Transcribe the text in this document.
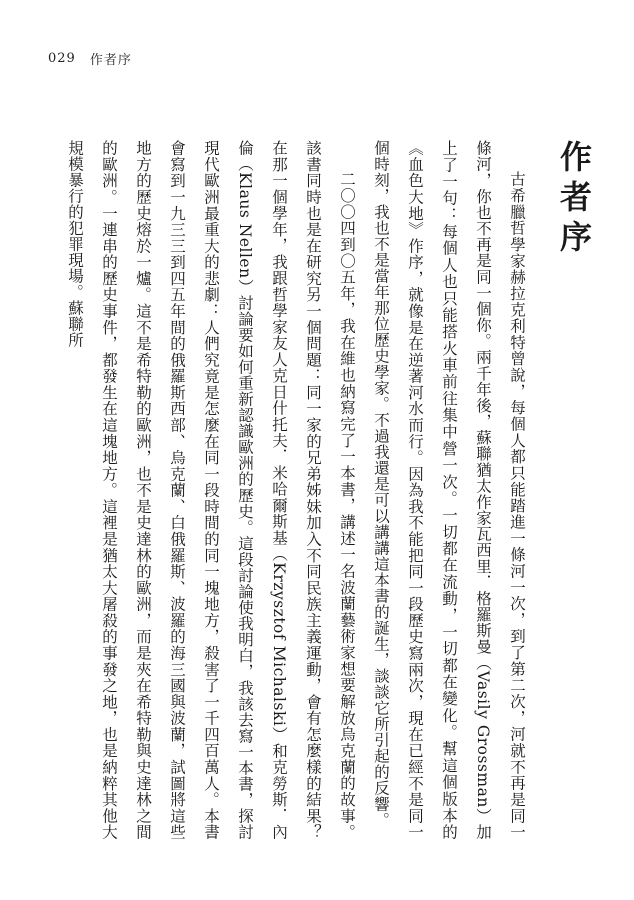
029 作者序
作者序

古希臘哲學家赫拉克利特曾說，每個人都只能踏進一條河一次，到了第二次，河就不再是同一條河，你也不再是同一個你。兩千年後，蘇聯猶太作家瓦西里．格羅斯曼（Vasily Grossman）加上了一句：每個人也只能搭火車前往集中營一次。一切都在流動，一切都在變化。幫這個版本的《血色大地》作序，就像是在逆著河水而行。因為我不能把同一段歷史寫兩次，現在已經不是同一個時刻，我也不是當年那位歷史學家。不過我還是可以講講這本書的誕生，談談它所引起的反響。

二〇〇四到〇五年，我在維也納寫完了一本書，講述一名波蘭藝術家想要解放烏克蘭的故事。該書同時也是在研究另一個問題：同一家的兄弟姊妹加入不同民族主義運動，會有怎麼樣的結果？在那一個學年，我跟哲學家友人克日什托夫．米哈爾斯基（Krzysztof Michalski）和克勞斯．內倫（Klaus Nellen）討論要如何重新認識歐洲的歷史。這段討論使我明白，我該去寫一本書，探討現代歐洲最重大的悲劇：人們究竟是怎麼在同一段時間的同一塊地方，殺害了一千四百萬人。本書會寫到一九三三到四五年間的俄羅斯西部、烏克蘭、白俄羅斯、波羅的海三國與波蘭，試圖將這些地方的歷史熔於一爐。這不是希特勒的歐洲，也不是史達林的歐洲，而是夾在希特勒與史達林之間的歐洲。一連串的歷史事件，都發生在這塊地方。這裡是猶太大屠殺的事發之地，也是納粹其他大規模暴行的犯罪現場。蘇聯所
